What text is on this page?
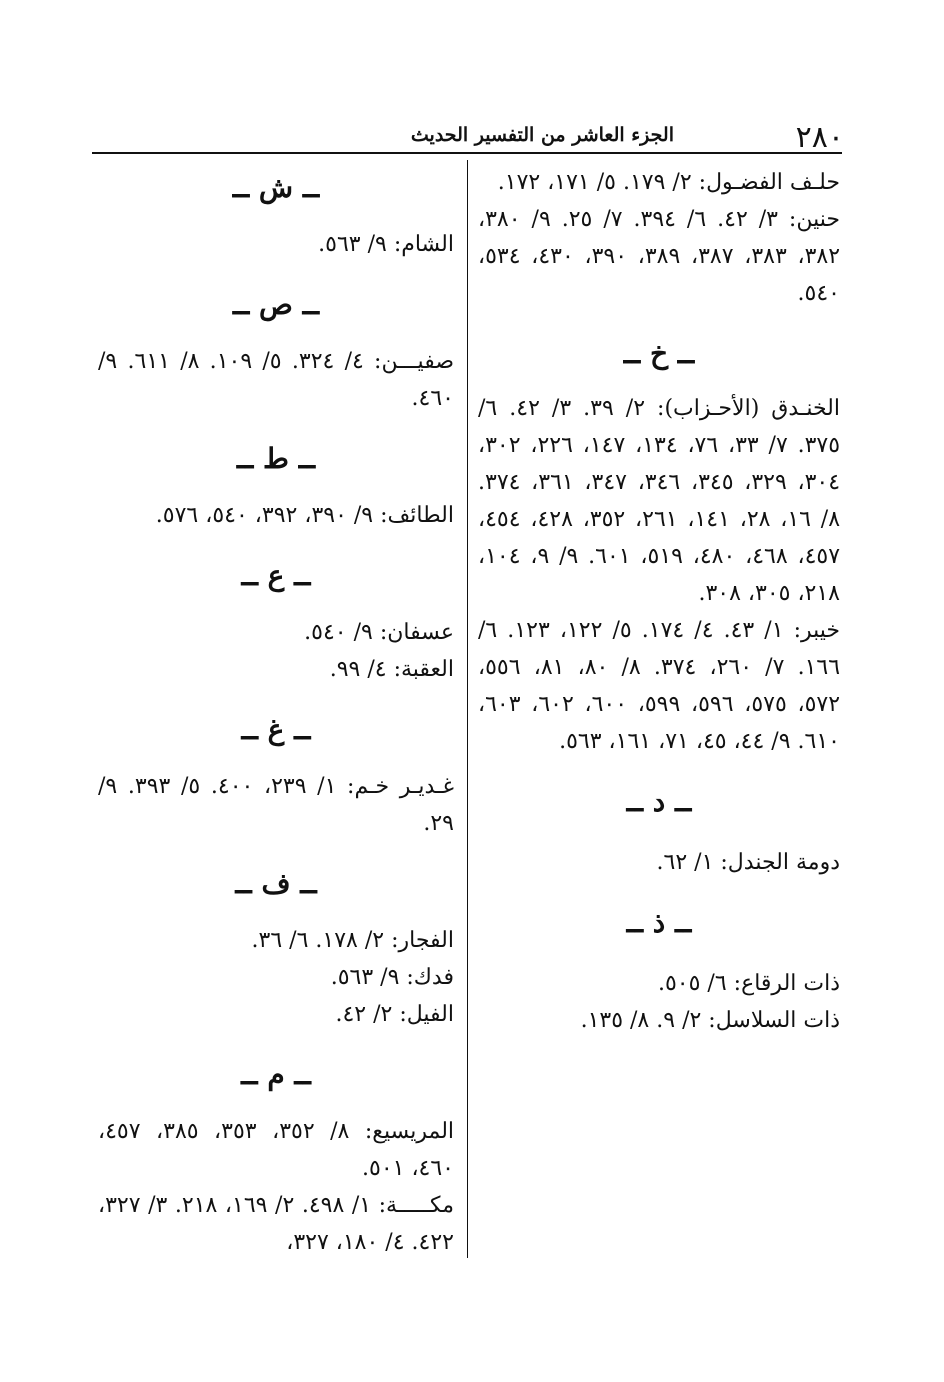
٢٨٠
الجزء العاشر من التفسير الحديث
حلـف الفضـول: ٢/ ١٧٩. ٥/ ١٧١، ١٧٢.
حنين: ٣/ ٤٢. ٦/ ٣٩٤. ٧/ ٢٥. ٩/ ٣٨٠، ٣٨٢، ٣٨٣، ٣٨٧، ٣٨٩، ٣٩٠، ٤٣٠، ٥٣٤، ٥٤٠.
ــ خ ــ
الخنـدق (الأحـزاب): ٢/ ٣٩. ٣/ ٤٢. ٦/ ٣٧٥. ٧/ ٣٣، ٧٦، ١٣٤، ١٤٧، ٢٢٦، ٣٠٢، ٣٠٤، ٣٢٩، ٣٤٥، ٣٤٦، ٣٤٧، ٣٦١، ٣٧٤. ٨/ ١٦، ٢٨، ١٤١، ٢٦١، ٣٥٢، ٤٢٨، ٤٥٤، ٤٥٧، ٤٦٨، ٤٨٠، ٥١٩، ٦٠١. ٩/ ٩، ١٠٤، ٢١٨، ٣٠٥، ٣٠٨.
خيبر: ١/ ٤٣. ٤/ ١٧٤. ٥/ ١٢٢، ١٢٣. ٦/ ١٦٦. ٧/ ٢٦٠، ٣٧٤. ٨/ ٨٠، ٨١، ٥٥٦، ٥٧٢، ٥٧٥، ٥٩٦، ٥٩٩، ٦٠٠، ٦٠٢، ٦٠٣، ٦١٠. ٩/ ٤٤، ٤٥، ٧١، ١٦١، ٥٦٣.
ــ د ــ
دومة الجندل: ١/ ٦٢.
ــ ذ ــ
ذات الرقاع: ٦/ ٥٠٥.
ذات السلاسل: ٢/ ٩. ٨/ ١٣٥.
ــ ش ــ
الشام: ٩/ ٥٦٣.
ــ ص ــ
صفيـــن: ٤/ ٣٢٤. ٥/ ١٠٩. ٨/ ٦١١. ٩/ ٤٦٠.
ــ ط ــ
الطائف: ٩/ ٣٩٠، ٣٩٢، ٥٤٠، ٥٧٦.
ــ ع ــ
عسفان: ٩/ ٥٤٠.
العقبة: ٤/ ٩٩.
ــ غ ــ
غـديـر خـم: ١/ ٢٣٩، ٤٠٠. ٥/ ٣٩٣. ٩/ ٢٩.
ــ ف ــ
الفجار: ٢/ ١٧٨. ٦/ ٣٦.
فدك: ٩/ ٥٦٣.
الفيل: ٢/ ٤٢.
ــ م ــ
المريسيع: ٨/ ٣٥٢، ٣٥٣، ٣٨٥، ٤٥٧، ٤٦٠، ٥٠١.
مكـــــة: ١/ ٤٩٨. ٢/ ١٦٩، ٢١٨. ٣/ ٣٢٧، ٤٢٢. ٤/ ١٨٠، ٣٢٧،
